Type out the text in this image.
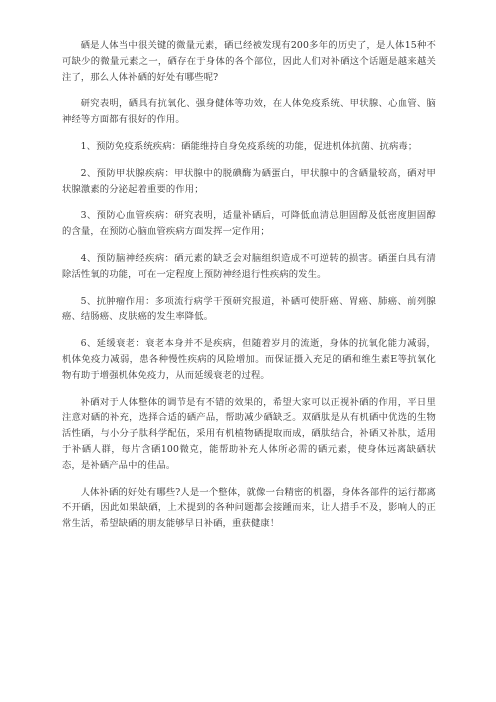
硒是人体当中很关键的微量元素，硒已经被发现有200多年的历史了，是人体15种不可缺少的微量元素之一，硒存在于身体的各个部位，因此人们对补硒这个话题是越来越关注了，那么人体补硒的好处有哪些呢?

研究表明，硒具有抗氧化、强身健体等功效，在人体免疫系统、甲状腺、心血管、脑神经等方面都有很好的作用。

1、预防免疫系统疾病：硒能维持自身免疫系统的功能，促进机体抗菌、抗病毒；

2、预防甲状腺疾病：甲状腺中的脱碘酶为硒蛋白，甲状腺中的含硒量较高，硒对甲状腺激素的分泌起着重要的作用；

3、预防心血管疾病：研究表明，适量补硒后，可降低血清总胆固醇及低密度胆固醇的含量，在预防心脑血管疾病方面发挥一定作用；

4、预防脑神经疾病：硒元素的缺乏会对脑组织造成不可逆转的损害。硒蛋白具有清除活性氧的功能，可在一定程度上预防神经退行性疾病的发生。

5、抗肿瘤作用：多项流行病学干预研究报道，补硒可使肝癌、胃癌、肺癌、前列腺癌、结肠癌、皮肤癌的发生率降低。

6、延缓衰老：衰老本身并不是疾病，但随着岁月的流逝，身体的抗氧化能力减弱，机体免疫力减弱，患各种慢性疾病的风险增加。而保证摄入充足的硒和维生素E等抗氧化物有助于增强机体免疫力，从而延缓衰老的过程。

补硒对于人体整体的调节是有不错的效果的，希望大家可以正视补硒的作用，平日里注意对硒的补充，选择合适的硒产品，帮助减少硒缺乏。双硒肽是从有机硒中优选的生物活性硒，与小分子肽科学配伍，采用有机植物硒提取而成，硒肽结合，补硒又补肽，适用于补硒人群，每片含硒100微克，能帮助补充人体所必需的硒元素，使身体远离缺硒状态，是补硒产品中的佳品。

人体补硒的好处有哪些?人是一个整体，就像一台精密的机器，身体各部件的运行都离不开硒，因此如果缺硒，上术提到的各种问题都会接踵而来，让人措手不及，影响人的正常生活，希望缺硒的朋友能够早日补硒，重获健康！
